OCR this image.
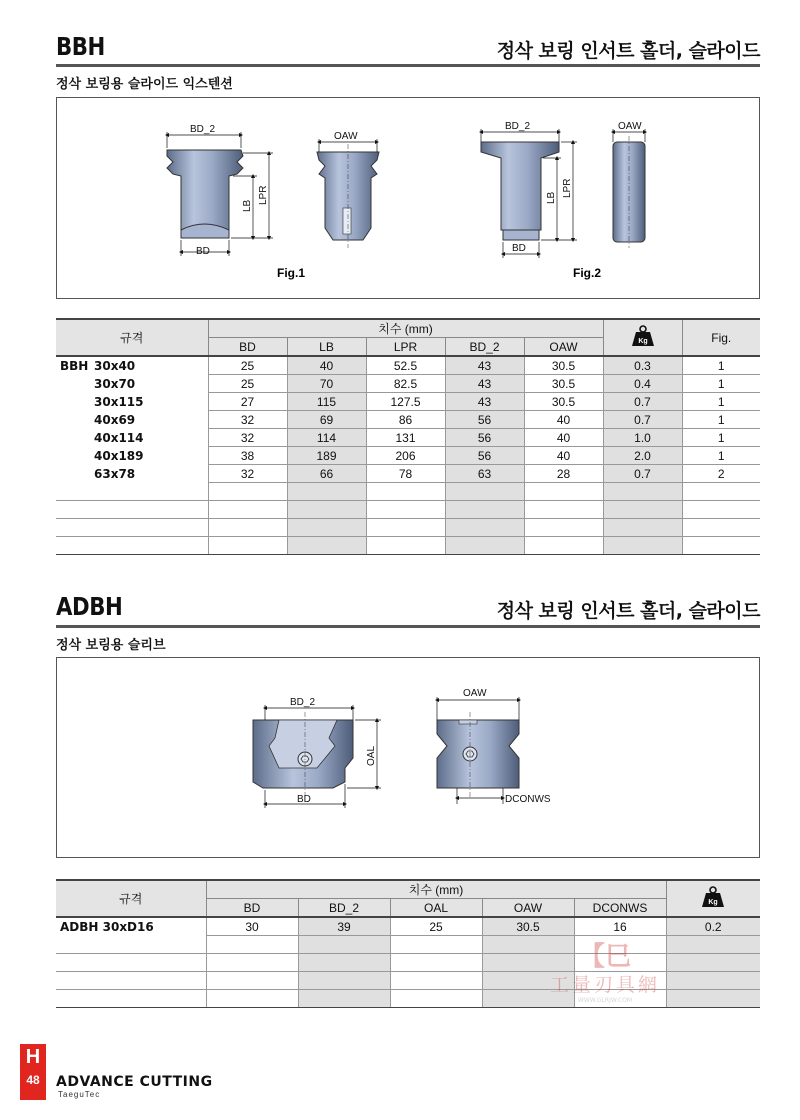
BBH	정삭 보링 인서트 홀더, 슬라이드
정삭 보링용 슬라이드 익스텐션
BD_2
BD
LB
LPR
OAW
Fig.1
BD_2
BD
LB LPR
OAW
Fig.2
규격	치수 (mm)					Kg	Fig.
	BD	LB	LPR	BD_2	OAW		
BBH 30x40	25	40	52.5	43	30.5	0.3	1
30x70	25	70	82.5	43	30.5	0.4	1
30x115	27	115	127.5	43	30.5	0.7	1
40x69	32	69	86	56	40	0.7	1
40x114	32	114	131	56	40	1.0	1
40x189	38	189	206	56	40	2.0	1
63x78	32	66	78	63	28	0.7	2

ADBH	정삭 보링 인서트 홀더, 슬라이드
정삭 보링용 슬리브
BD_2
BD
OAL
OAW
DCONWS
규격	치수 (mm)					Kg

	BD	BD_2	OAL	OAW	DCONWS	
ADBH 30xD16	30	39	25	30.5	16	0.2

【巳
工量刃具網
WWW.GLRJW.COM
H
48	ADVANCE CUTTING
TaeguTec
